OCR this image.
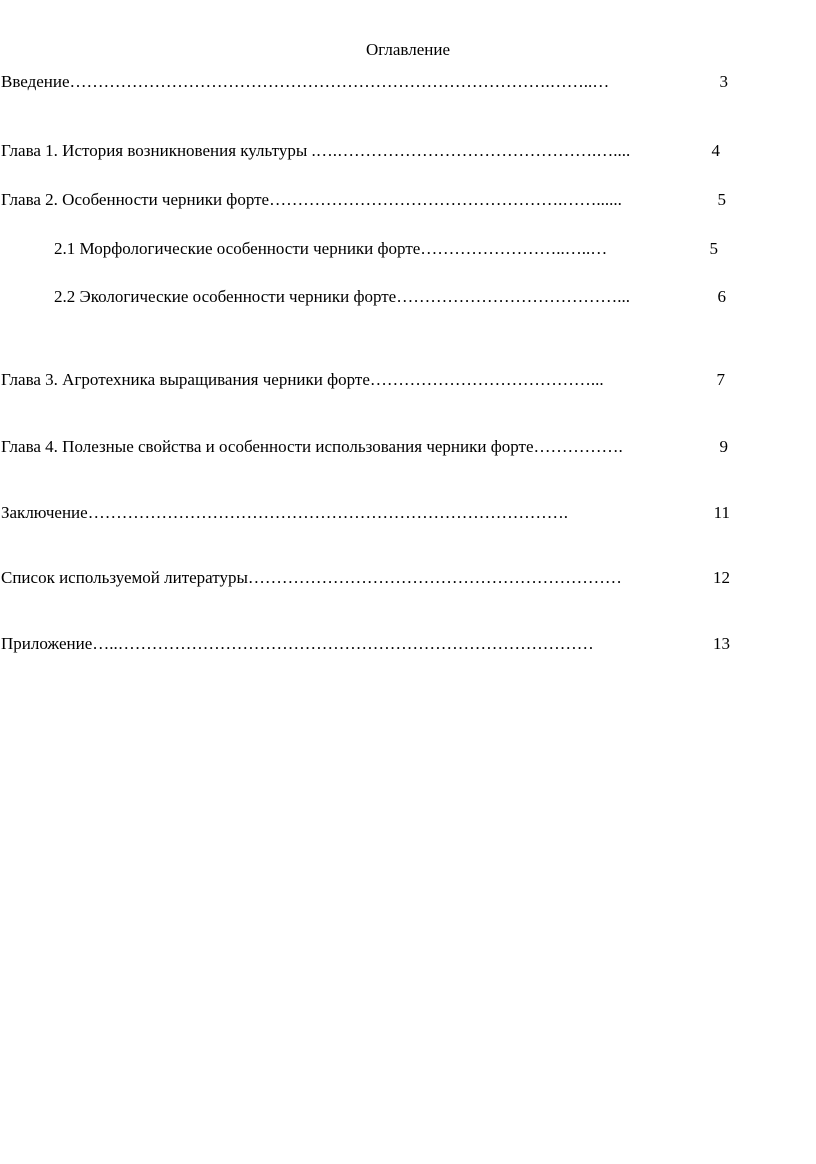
Оглавление
Введение ………………………………………………………………………….……..…	3
Глава 1. История возникновения культуры . ….……………………………………….…....	4
Глава 2. Особенности черники форте …………………………………………….……......	5
2.1 Морфологические особенности черники форте ……………………..…..…	5
2.2 Экологические особенности черники форте …………………………………...	6
Глава 3. Агротехника выращивания черники форте …………………………………...	7
Глава 4. Полезные свойства и особенности использования черники форте …………….	9
Заключение ………………………………………………………………………….	11
Список используемой литературы …………………………………………………………	12
Приложение …..…………………………………………………………………………	13
